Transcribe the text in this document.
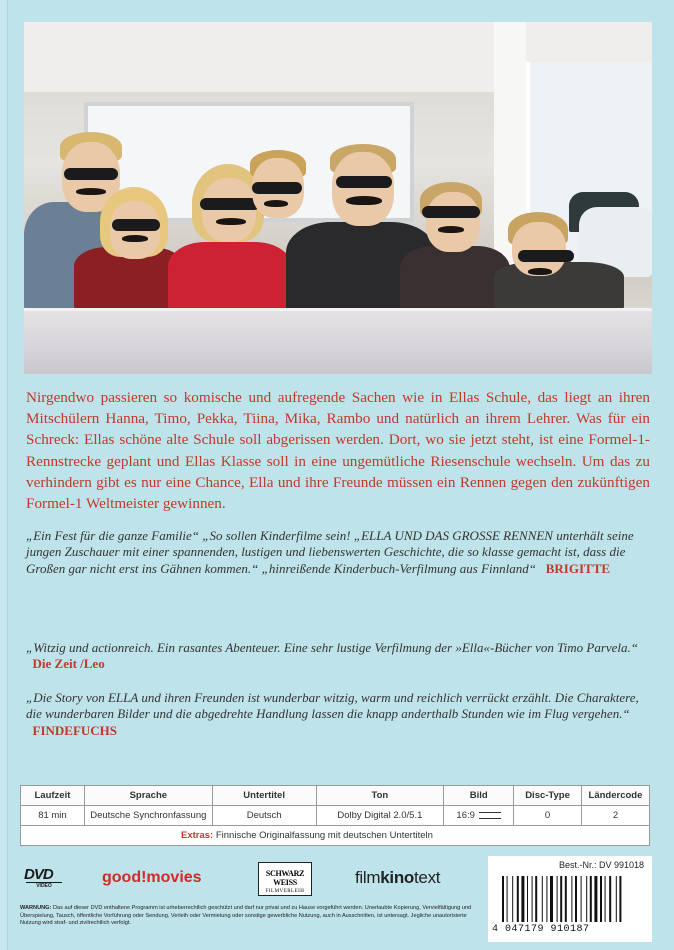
Nirgendwo passieren so komische und aufregende Sachen wie in Ellas Schule, das liegt an ihren Mitschülern Hanna, Timo, Pekka, Tiina, Mika, Rambo und natürlich an ihrem Lehrer. Was für ein Schreck: Ellas schöne alte Schule soll abgerissen werden. Dort, wo sie jetzt steht, ist eine Formel-1-Rennstrecke geplant und Ellas Klasse soll in eine ungemütliche Riesenschule wechseln. Um das zu verhindern gibt es nur eine Chance, Ella und ihre Freunde müssen ein Rennen gegen den zukünftigen Formel-1 Weltmeister gewinnen.
„Ein Fest für die ganze Familie“ „So sollen Kinderfilme sein! „ELLA UND DAS GROSSE RENNEN unterhält seine jungen Zuschauer mit einer spannenden, lustigen und liebenswerten Geschichte, die so klasse gemacht ist, dass die Großen gar nicht erst ins Gähnen kommen.“ „hinreißende Kinderbuch-Verfilmung aus Finnland“ BRIGITTE
„Witzig und actionreich. Ein rasantes Abenteuer. Eine sehr lustige Verfilmung der »Ella«-Bücher von Timo Parvela.“   Die Zeit /Leo
„Die Story von ELLA und ihren Freunden ist wunderbar witzig, warm und reichlich verrückt erzählt. Die Charaktere, die wunderbaren Bilder und die abgedrehte Handlung lassen die knapp anderthalb Stunden wie im Flug vergehen.“   FINDEFUCHS
Laufzeit	Sprache	Untertitel	Ton	Bild	Disc-Type	Ländercode
81 min	Deutsche Synchronfassung	Deutsch	Dolby Digital 2.0/5.1	16:9	0	2
Extras: Finnische Originalfassung mit deutschen Untertiteln						
DVD
VIDEO	good!movies	SCHWARZ WEISS
FILMVERLEIH
filmkinotext
Best.-Nr.: DV 991018
4 047179 910187
WARNUNG: Das auf dieser DVD enthaltene Programm ist urheberrechtlich geschützt und darf nur privat und zu Hause vorgeführt werden. Unerlaubte Kopierung, Vervielfältigung und Überspielung, Tausch, öffentliche Vorführung oder Sendung, Verleih oder Vermietung oder sonstige gewerbliche Nutzung, auch in Ausschnitten, ist untersagt. Jegliche unautorisierte Nutzung wird straf- und zivilrechtlich verfolgt.
